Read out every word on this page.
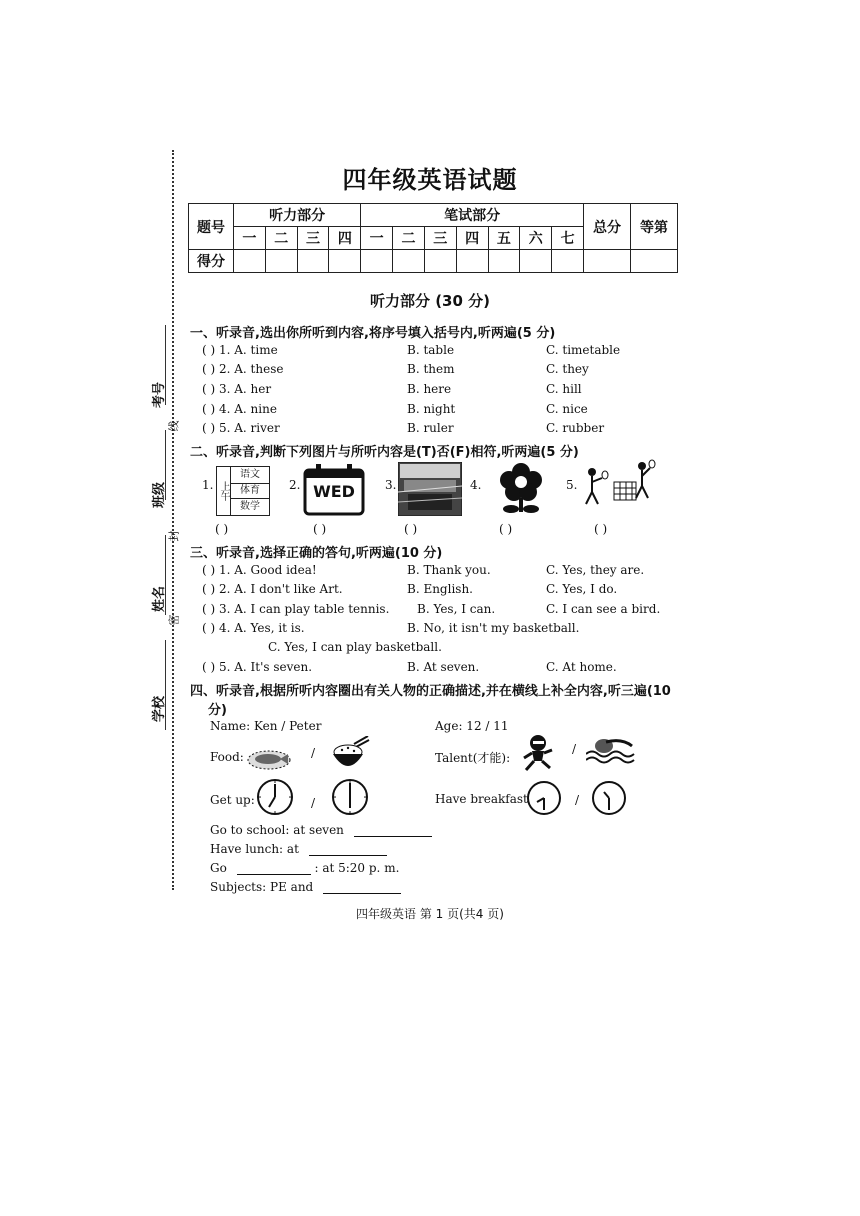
考号
班级
姓名
学校
线
封
密
四年级英语试题
题号	听力部分				笔试部分							总分	等第
	一	二	三	四	一	二	三	四	五	六	七		
得分													
听力部分 (30 分)
一、听录音,选出你所听到内容,将序号填入括号内,听两遍(5 分)
( ) 1. A. time	B. table	C. timetable
( ) 2. A. these	B. them	C. they
( ) 3. A. her	B. here	C. hill
( ) 4. A. nine	B. night	C. nice
( ) 5. A. river	B. ruler	C. rubber
二、听录音,判断下列图片与所听内容是(T)否(F)相符,听两遍(5 分)
1. 上午
语文
体育
数学
2. WED	3.	4.	5.
( )	( )	( )	( )	( )
三、听录音,选择正确的答句,听两遍(10 分)
( ) 1. A. Good idea!	B. Thank you.	C. Yes, they are.
( ) 2. A. I don't like Art.	B. English.	C. Yes, I do.
( ) 3. A. I can play table tennis. B. Yes, I can.	C. I can see a bird.
( ) 4. A. Yes, it is.	B. No, it isn't my basketball.
C. Yes, I can play basketball.
( ) 5. A. It's seven.	B. At seven.	C. At home.
四、听录音,根据所听内容圈出有关人物的正确描述,并在横线上补全内容,听三遍(10
分)
Name: Ken / Peter	Age: 12 / 11
Food:	/	Talent(才能):
/
Get up:	/	Have breakfast	/
Go to school: at seven
Have lunch: at
Go	: at 5:20 p. m.
Subjects: PE and
四年级英语 第 1 页(共4 页)
